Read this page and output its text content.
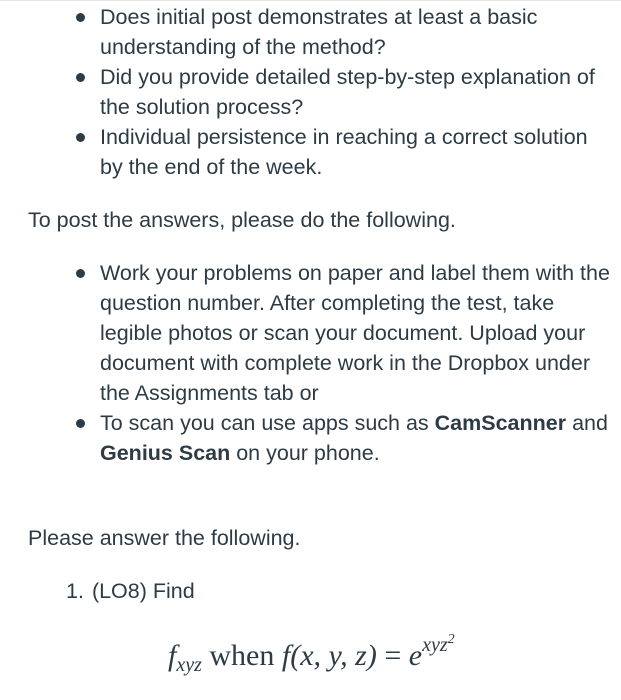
Does initial post demonstrates at least a basic understanding of the method?
Did you provide detailed step-by-step explanation of the solution process?
Individual persistence in reaching a correct solution by the end of the week.
To post the answers, please do the following.
Work your problems on paper and label them with the question number. After completing the test, take legible photos or scan your document. Upload your document with complete work in the Dropbox under the Assignments tab or
To scan you can use apps such as CamScanner and Genius Scan on your phone.
Please answer the following.
1. (LO8) Find
$f_{xyz}$ when f(x, y, $z) = e^{xyz^2}$
